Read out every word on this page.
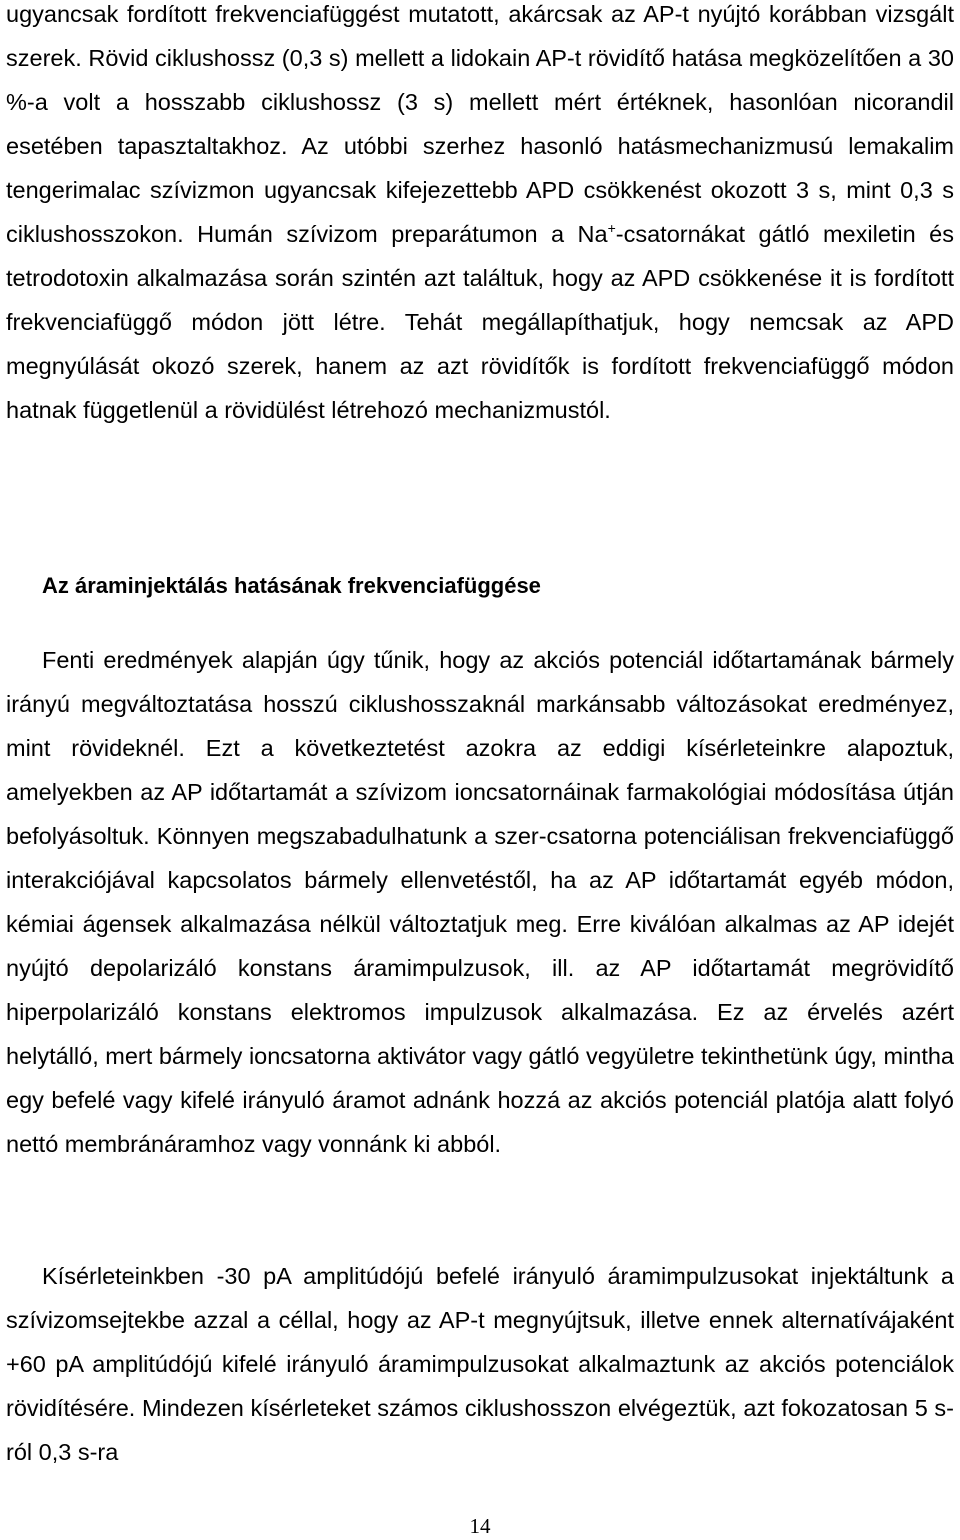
ugyancsak fordított frekvenciafüggést mutatott, akárcsak az AP-t nyújtó korábban vizsgált szerek. Rövid ciklushossz (0,3 s) mellett a lidokain AP-t rövidítő hatása megközelítően a 30 %-a volt a hosszabb ciklushossz (3 s) mellett mért értéknek, hasonlóan nicorandil esetében tapasztaltakhoz. Az utóbbi szerhez hasonló hatásmechanizmusú lemakalim tengerimalac szívizmon ugyancsak kifejezettebb APD csökkenést okozott 3 s, mint 0,3 s ciklushosszokon. Humán szívizom preparátumon a Na+-csatornákat gátló mexiletin és tetrodotoxin alkalmazása során szintén azt találtuk, hogy az APD csökkenése it is fordított frekvenciafüggő módon jött létre. Tehát megállapíthatjuk, hogy nemcsak az APD megnyúlását okozó szerek, hanem az azt rövidítők is fordított frekvenciafüggő módon hatnak függetlenül a rövidülést létrehozó mechanizmustól.

Az áraminjektálás hatásának frekvenciafüggése

Fenti eredmények alapján úgy tűnik, hogy az akciós potenciál időtartamának bármely irányú megváltoztatása hosszú ciklushosszaknál markánsabb változásokat eredményez, mint rövideknél. Ezt a következtetést azokra az eddigi kísérleteinkre alapoztuk, amelyekben az AP időtartamát a szívizom ioncsatornáinak farmakológiai módosítása útján befolyásoltuk. Könnyen megszabadulhatunk a szer-csatorna potenciálisan frekvenciafüggő interakciójával kapcsolatos bármely ellenvetéstől, ha az AP időtartamát egyéb módon, kémiai ágensek alkalmazása nélkül változtatjuk meg. Erre kiválóan alkalmas az AP idejét nyújtó depolarizáló konstans áramimpulzusok, ill. az AP időtartamát megrövidítő hiperpolarizáló konstans elektromos impulzusok alkalmazása. Ez az érvelés azért helytálló, mert bármely ioncsatorna aktivátor vagy gátló vegyületre tekinthetünk úgy, mintha egy befelé vagy kifelé irányuló áramot adnánk hozzá az akciós potenciál platója alatt folyó nettó membránáramhoz vagy vonnánk ki abból.

Kísérleteinkben -30 pA amplitúdójú befelé irányuló áramimpulzusokat injektáltunk a szívizomsejtekbe azzal a céllal, hogy az AP-t megnyújtsuk, illetve ennek alternatívájaként +60 pA amplitúdójú kifelé irányuló áramimpulzusokat alkalmaztunk az akciós potenciálok rövidítésére. Mindezen kísérleteket számos ciklushosszon elvégeztük, azt fokozatosan 5 s-ról 0,3 s-ra

14
